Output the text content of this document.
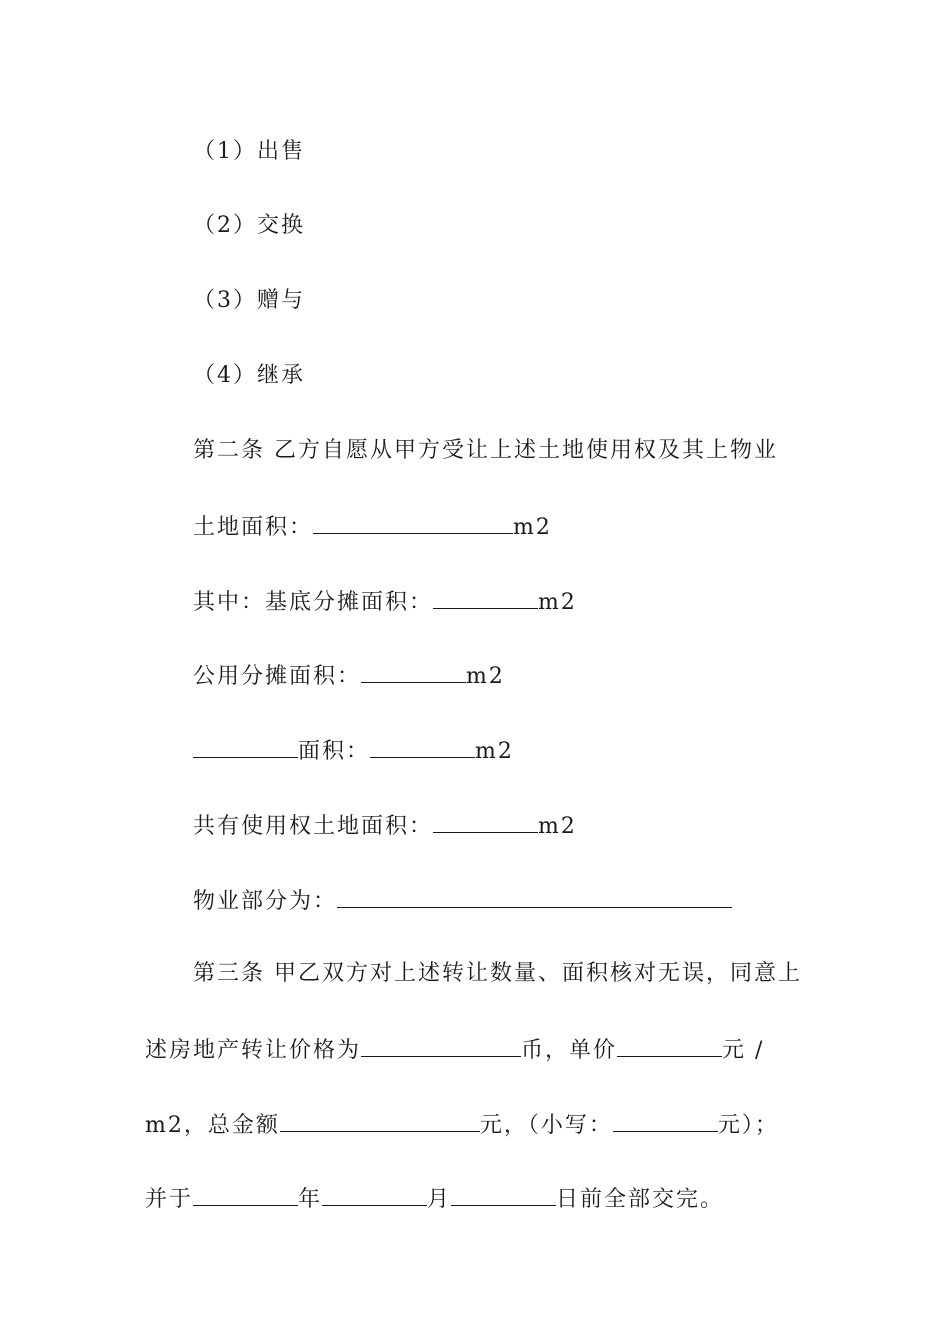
（1）出售
（2）交换
（3）赠与
（4）继承
第二条 乙方自愿从甲方受让上述土地使用权及其上物业
土地面积：	m2
其中：基底分摊面积：	m2
公用分摊面积：	m2
面积：	m2
共有使用权土地面积：	m2
物业部分为：
第三条 甲乙双方对上述转让数量、面积核对无误，同意上
述房地产转让价格为	币，单价	元 /
m2，总金额	元，（小写：	元）；
并于	年	月	日前全部交完。
